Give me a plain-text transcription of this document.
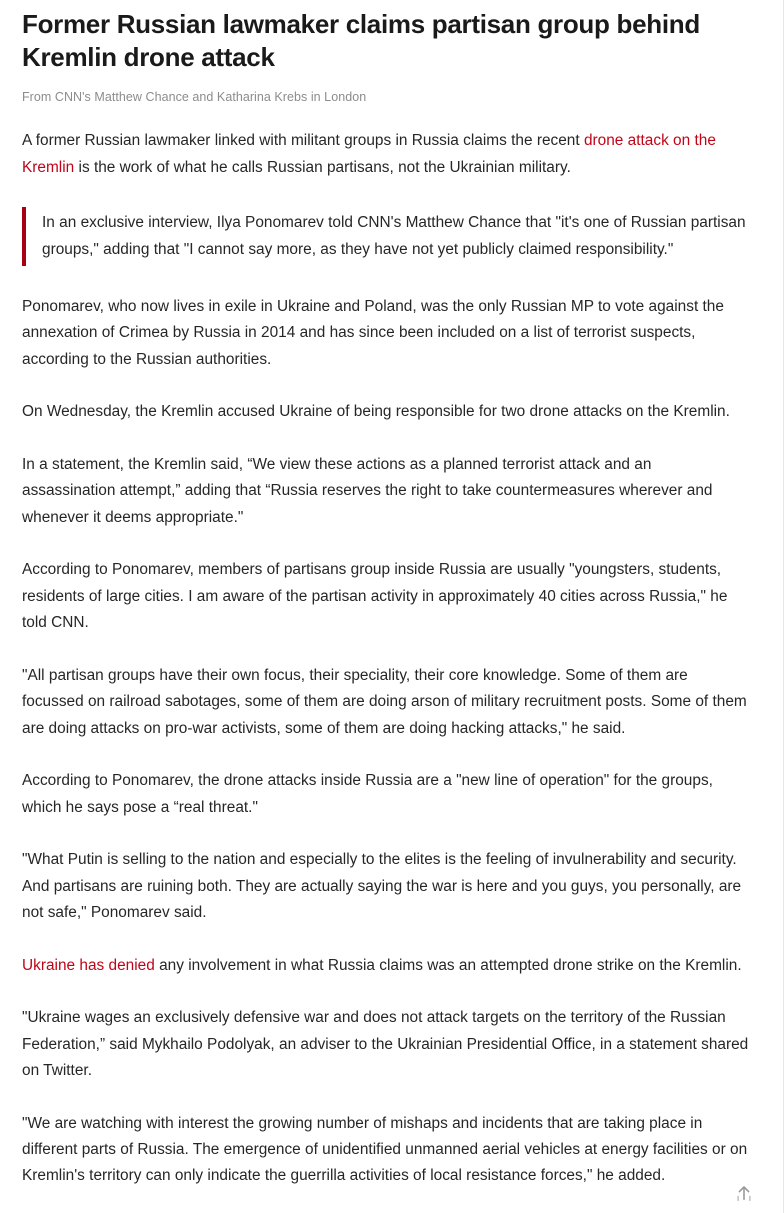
Former Russian lawmaker claims partisan group behind Kremlin drone attack
From CNN's Matthew Chance and Katharina Krebs in London

A former Russian lawmaker linked with militant groups in Russia claims the recent drone attack on the Kremlin is the work of what he calls Russian partisans, not the Ukrainian military.

In an exclusive interview, Ilya Ponomarev told CNN's Matthew Chance that "it's one of Russian partisan groups," adding that "I cannot say more, as they have not yet publicly claimed responsibility."

Ponomarev, who now lives in exile in Ukraine and Poland, was the only Russian MP to vote against the annexation of Crimea by Russia in 2014 and has since been included on a list of terrorist suspects, according to the Russian authorities.

On Wednesday, the Kremlin accused Ukraine of being responsible for two drone attacks on the Kremlin.

In a statement, the Kremlin said, “We view these actions as a planned terrorist attack and an assassination attempt,” adding that “Russia reserves the right to take countermeasures wherever and whenever it deems appropriate."

According to Ponomarev, members of partisans group inside Russia are usually "youngsters, students, residents of large cities. I am aware of the partisan activity in approximately 40 cities across Russia," he told CNN.

"All partisan groups have their own focus, their speciality, their core knowledge. Some of them are focussed on railroad sabotages, some of them are doing arson of military recruitment posts. Some of them are doing attacks on pro-war activists, some of them are doing hacking attacks," he said.

According to Ponomarev, the drone attacks inside Russia are a "new line of operation" for the groups, which he says pose a “real threat."

"What Putin is selling to the nation and especially to the elites is the feeling of invulnerability and security. And partisans are ruining both. They are actually saying the war is here and you guys, you personally, are not safe," Ponomarev said.

Ukraine has denied any involvement in what Russia claims was an attempted drone strike on the Kremlin.

"Ukraine wages an exclusively defensive war and does not attack targets on the territory of the Russian Federation,” said Mykhailo Podolyak, an adviser to the Ukrainian Presidential Office, in a statement shared on Twitter.

"We are watching with interest the growing number of mishaps and incidents that are taking place in different parts of Russia. The emergence of unidentified unmanned aerial vehicles at energy facilities or on Kremlin's territory can only indicate the guerrilla activities of local resistance forces," he added.
